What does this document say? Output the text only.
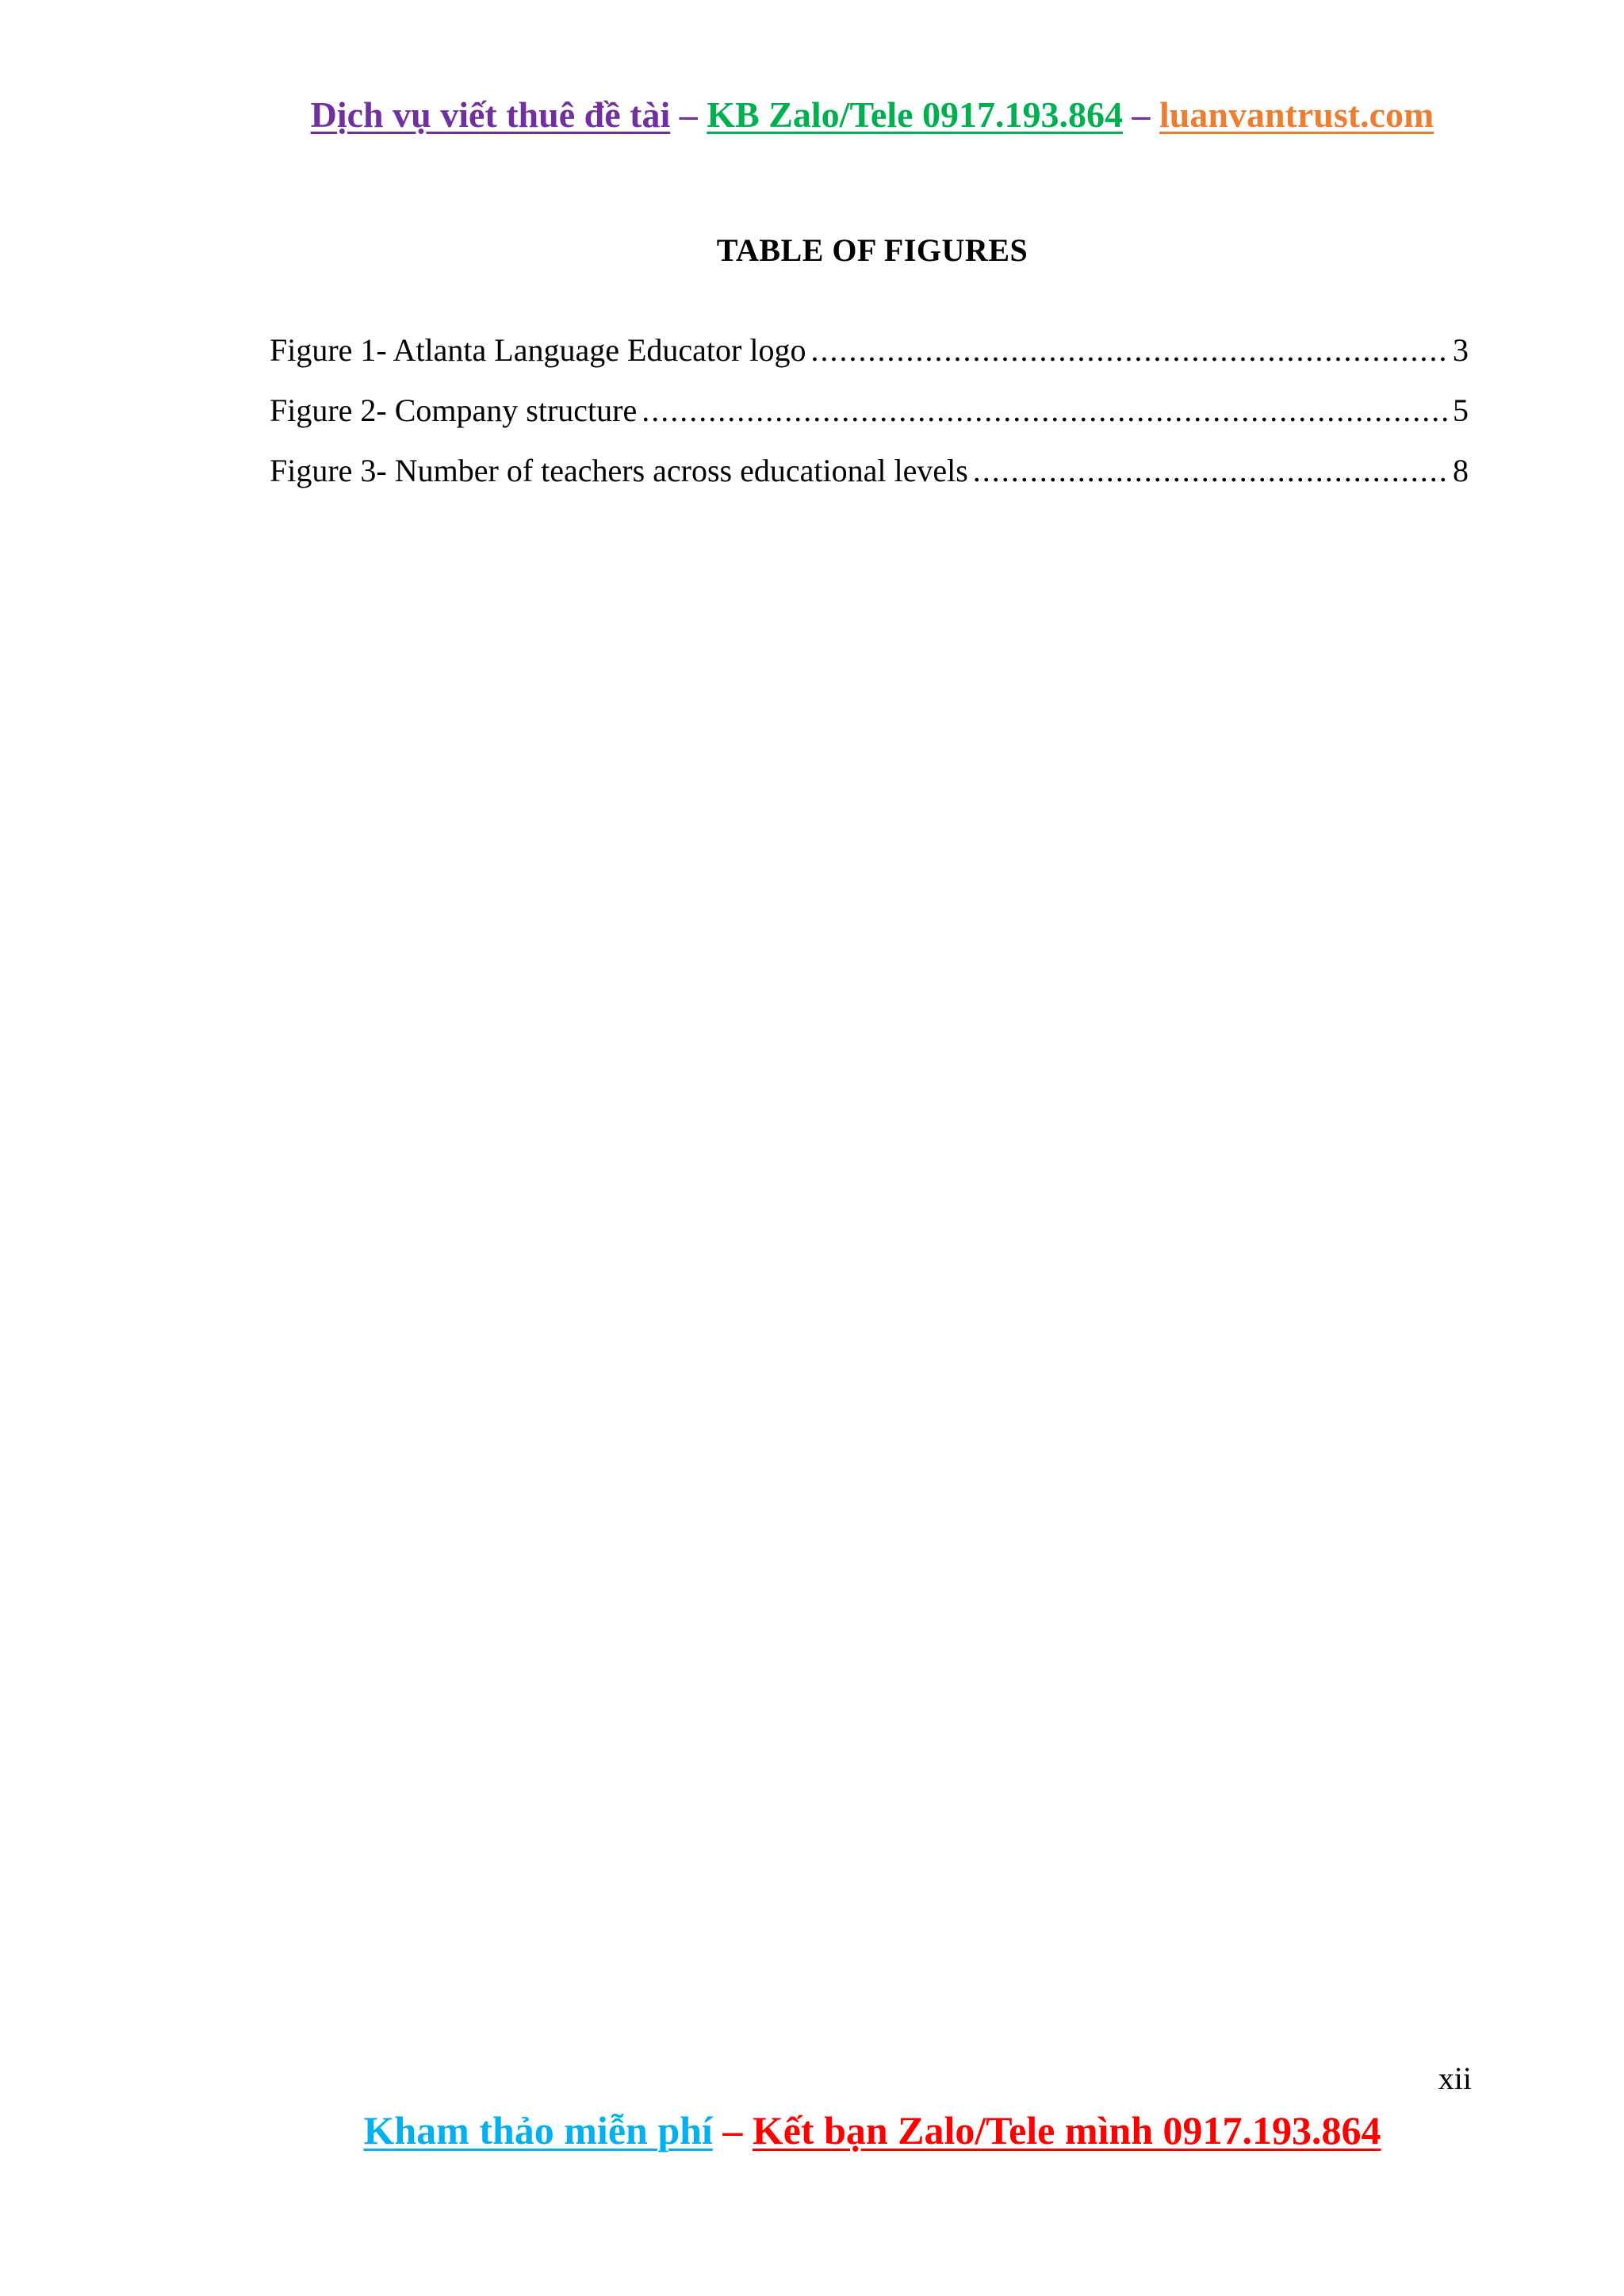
Dịch vụ viết thuê đề tài – KB Zalo/Tele 0917.193.864 – luanvantrust.com
TABLE OF FIGURES
Figure 1- Atlanta Language Educator logo .....	3
Figure 2- Company structure .....	5
Figure 3- Number of teachers across educational levels .....	8
xii
Kham thảo miễn phí – Kết bạn Zalo/Tele mình 0917.193.864
